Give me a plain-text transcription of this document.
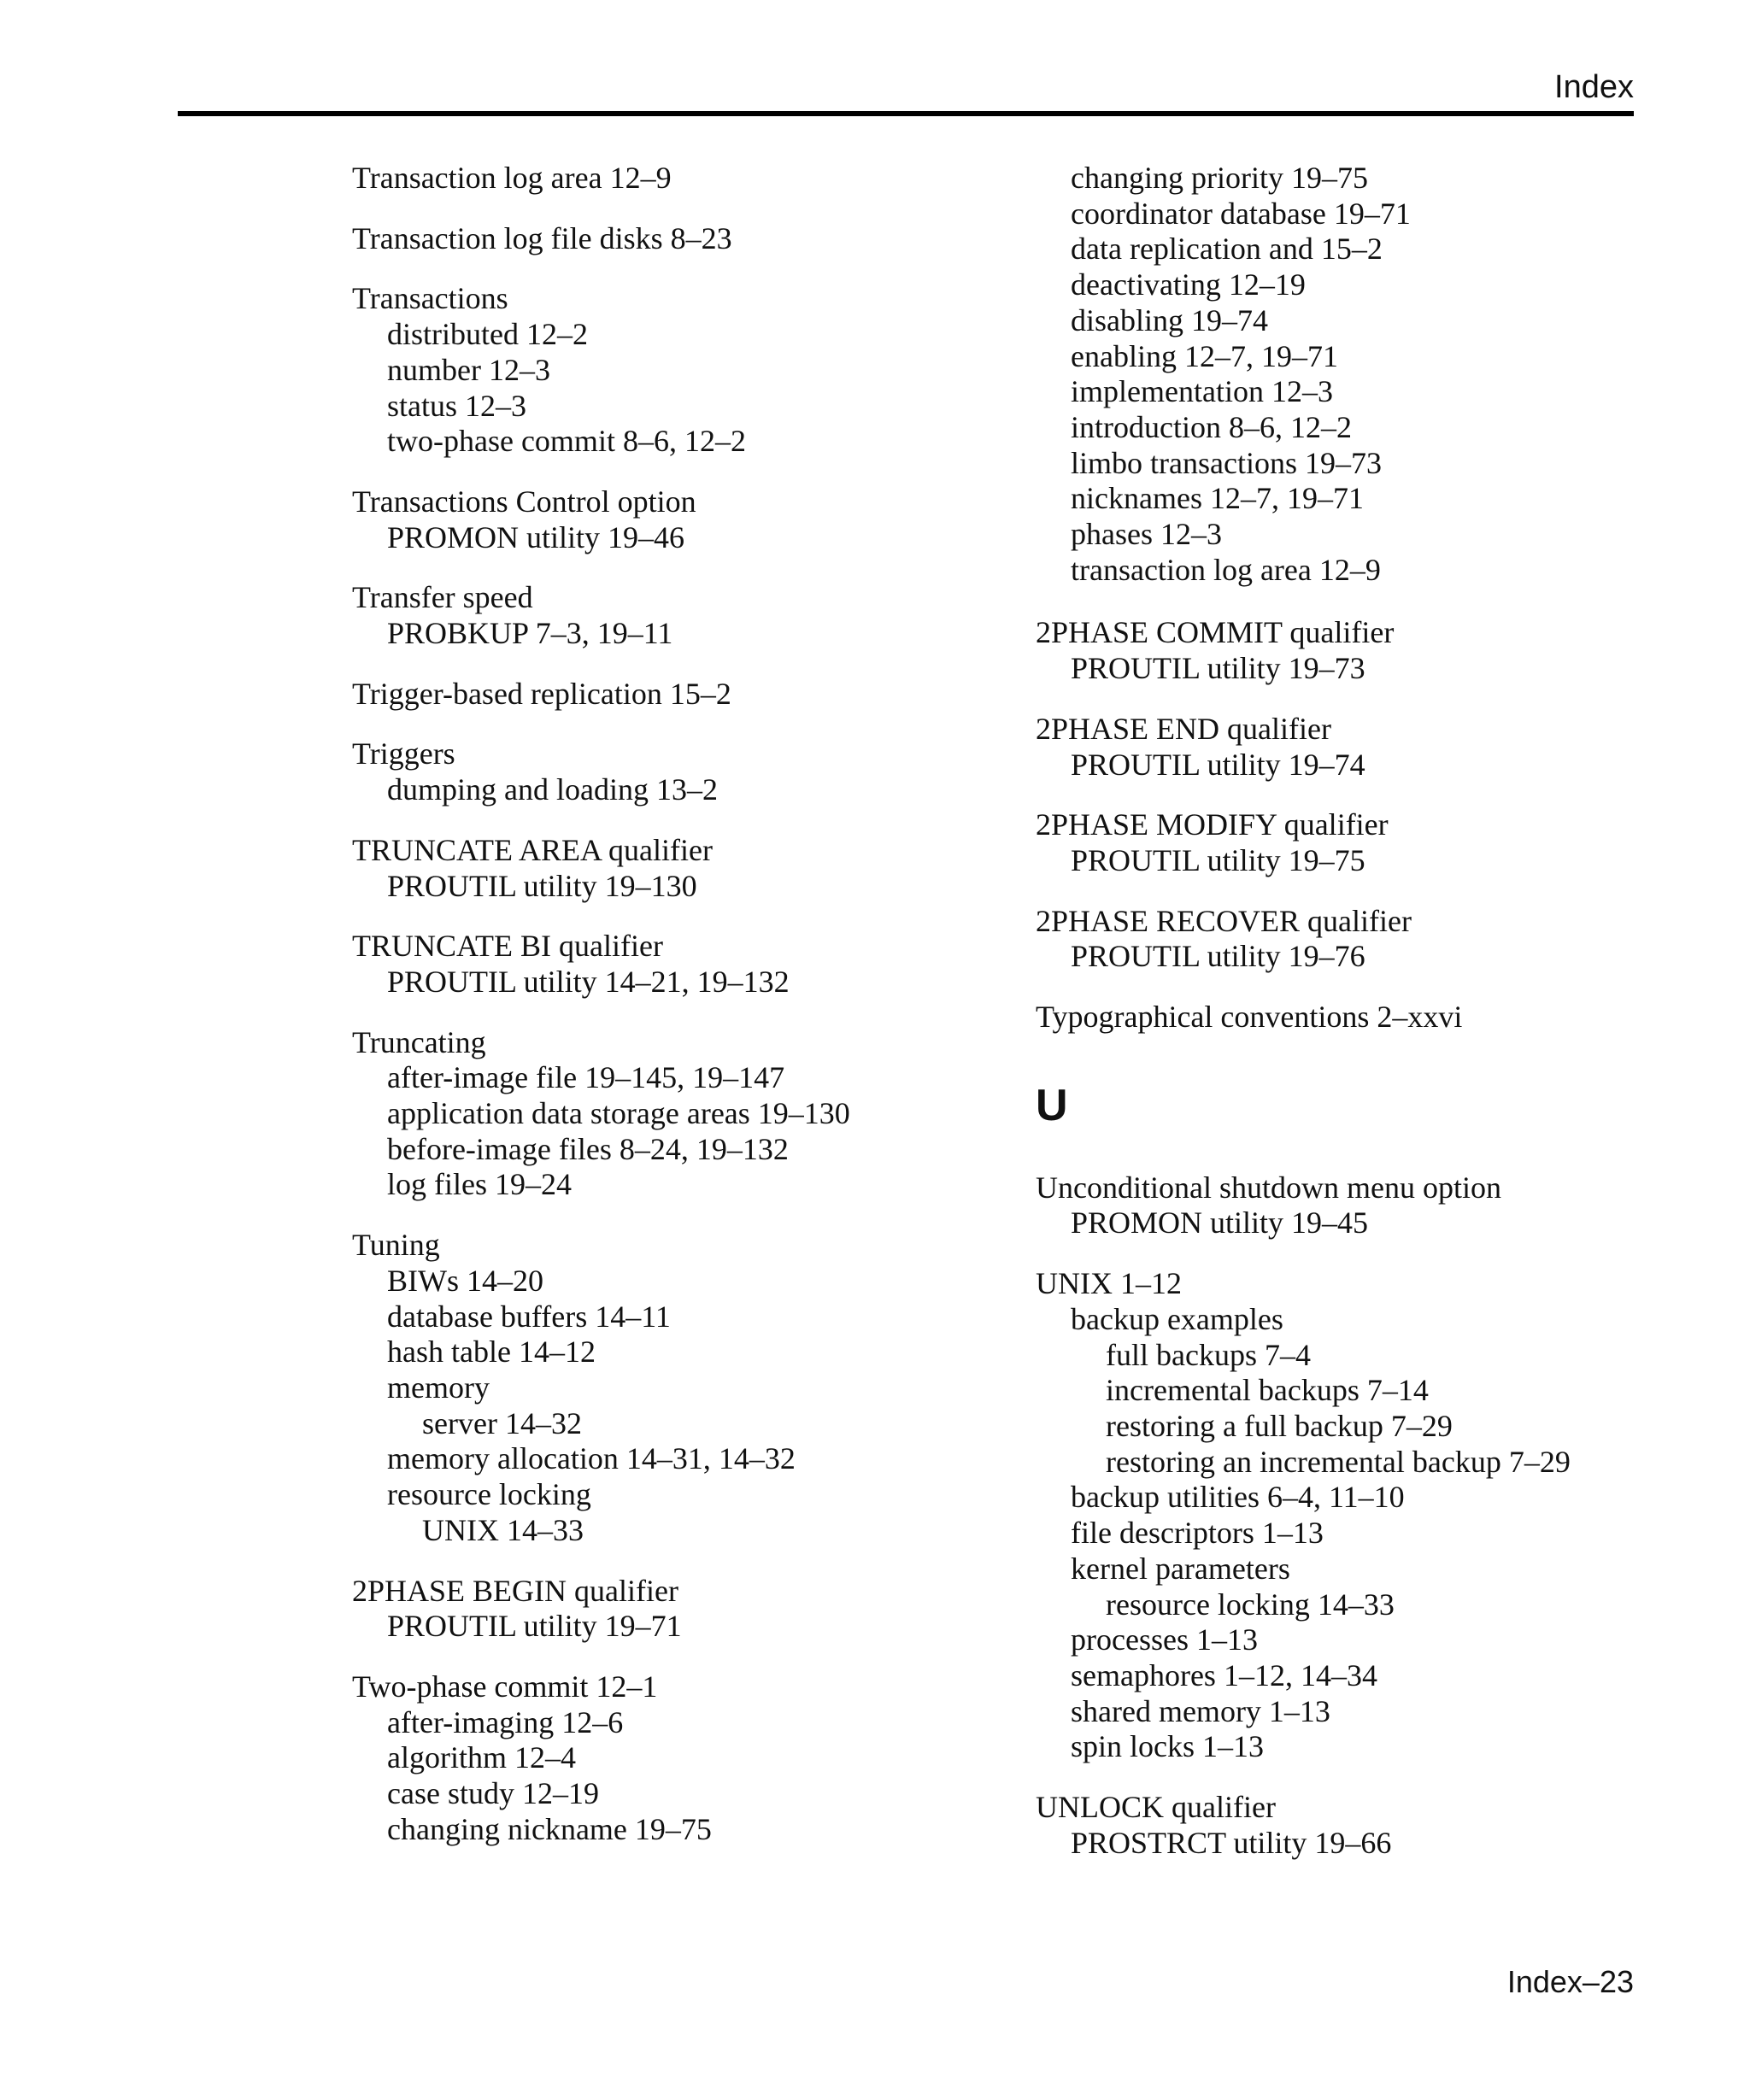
Index
Transaction log area 12–9
Transaction log file disks 8–23
Transactions
distributed 12–2
number 12–3
status 12–3
two-phase commit 8–6, 12–2
Transactions Control option
PROMON utility 19–46
Transfer speed
PROBKUP 7–3, 19–11
Trigger-based replication 15–2
Triggers
dumping and loading 13–2
TRUNCATE AREA qualifier
PROUTIL utility 19–130
TRUNCATE BI qualifier
PROUTIL utility 14–21, 19–132
Truncating
after-image file 19–145, 19–147
application data storage areas 19–130
before-image files 8–24, 19–132
log files 19–24
Tuning
BIWs 14–20
database buffers 14–11
hash table 14–12
memory
server 14–32
memory allocation 14–31, 14–32
resource locking
UNIX 14–33
2PHASE BEGIN qualifier
PROUTIL utility 19–71
Two-phase commit 12–1
after-imaging 12–6
algorithm 12–4
case study 12–19
changing nickname 19–75
changing priority 19–75
coordinator database 19–71
data replication and 15–2
deactivating 12–19
disabling 19–74
enabling 12–7, 19–71
implementation 12–3
introduction 8–6, 12–2
limbo transactions 19–73
nicknames 12–7, 19–71
phases 12–3
transaction log area 12–9
2PHASE COMMIT qualifier
PROUTIL utility 19–73
2PHASE END qualifier
PROUTIL utility 19–74
2PHASE MODIFY qualifier
PROUTIL utility 19–75
2PHASE RECOVER qualifier
PROUTIL utility 19–76
Typographical conventions 2–xxvi
U
Unconditional shutdown menu option
PROMON utility 19–45
UNIX 1–12
backup examples
full backups 7–4
incremental backups 7–14
restoring a full backup 7–29
restoring an incremental backup 7–29
backup utilities 6–4, 11–10
file descriptors 1–13
kernel parameters
resource locking 14–33
processes 1–13
semaphores 1–12, 14–34
shared memory 1–13
spin locks 1–13
UNLOCK qualifier
PROSTRCT utility 19–66
Index–23
